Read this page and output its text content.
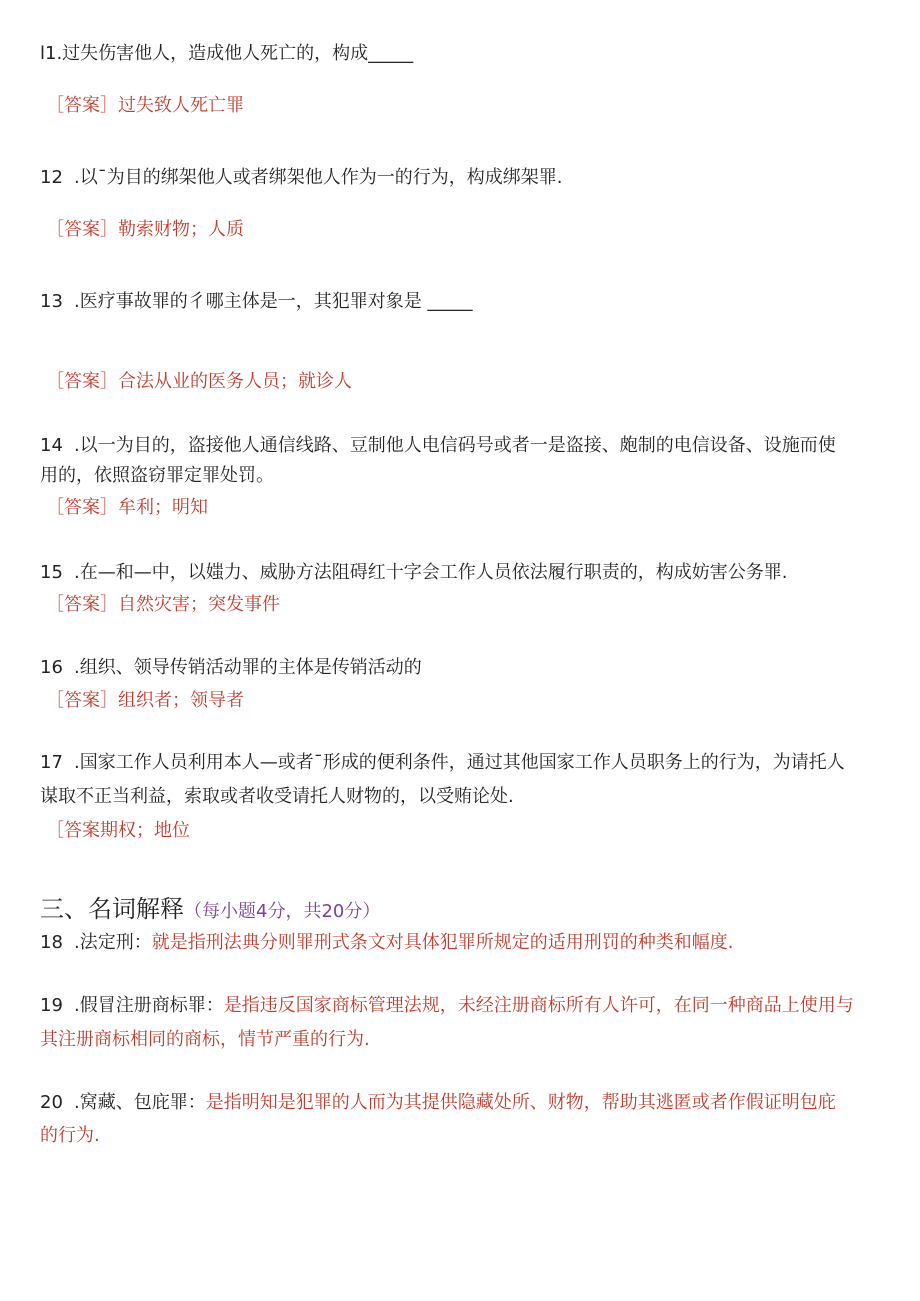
l1.过失伤害他人，造成他人死亡的，构成_____
［答案］过失致人死亡罪
12 .以¯为目的绑架他人或者绑架他人作为一的行为，构成绑架罪.
［答案］勒索财物；人质
13 .医疗事故罪的彳哪主体是一，其犯罪对象是 _____
［答案］合法从业的医务人员；就诊人
14 .以一为目的，盗接他人通信线路、豆制他人电信码号或者一是盗接、皰制的电信设备、设施而使
用的，依照盗窃罪定罪处罚。
［答案］牟利；明知
15 .在—和—中，以媸力、威胁方法阻碍红十字会工作人员依法履行职责的，构成妨害公务罪.
［答案］自然灾害；突发事件
16 .组织、领导传销活动罪的主体是传销活动的
［答案］组织者；领导者
17 .国家工作人员利用本人—或者¯形成的便利条件，通过其他国家工作人员职务上的行为，为请托人
谋取不正当利益，索取或者收受请托人财物的，以受贿论处.
［答案期权；地位
三、名词解释（每小题4分，共20分）
18 .法定刑：就是指刑法典分则罪刑式条文对具体犯罪所规定的适用刑罚的种类和幅度.
19 .假冒注册商标罪：是指违反国家商标管理法规，未经注册商标所有人许可，在同一种商品上使用与
其注册商标相同的商标，情节严重的行为.
20 .窝藏、包庇罪：是指明知是犯罪的人而为其提供隐藏处所、财物，帮助其逃匿或者作假证明包庇
的行为.
